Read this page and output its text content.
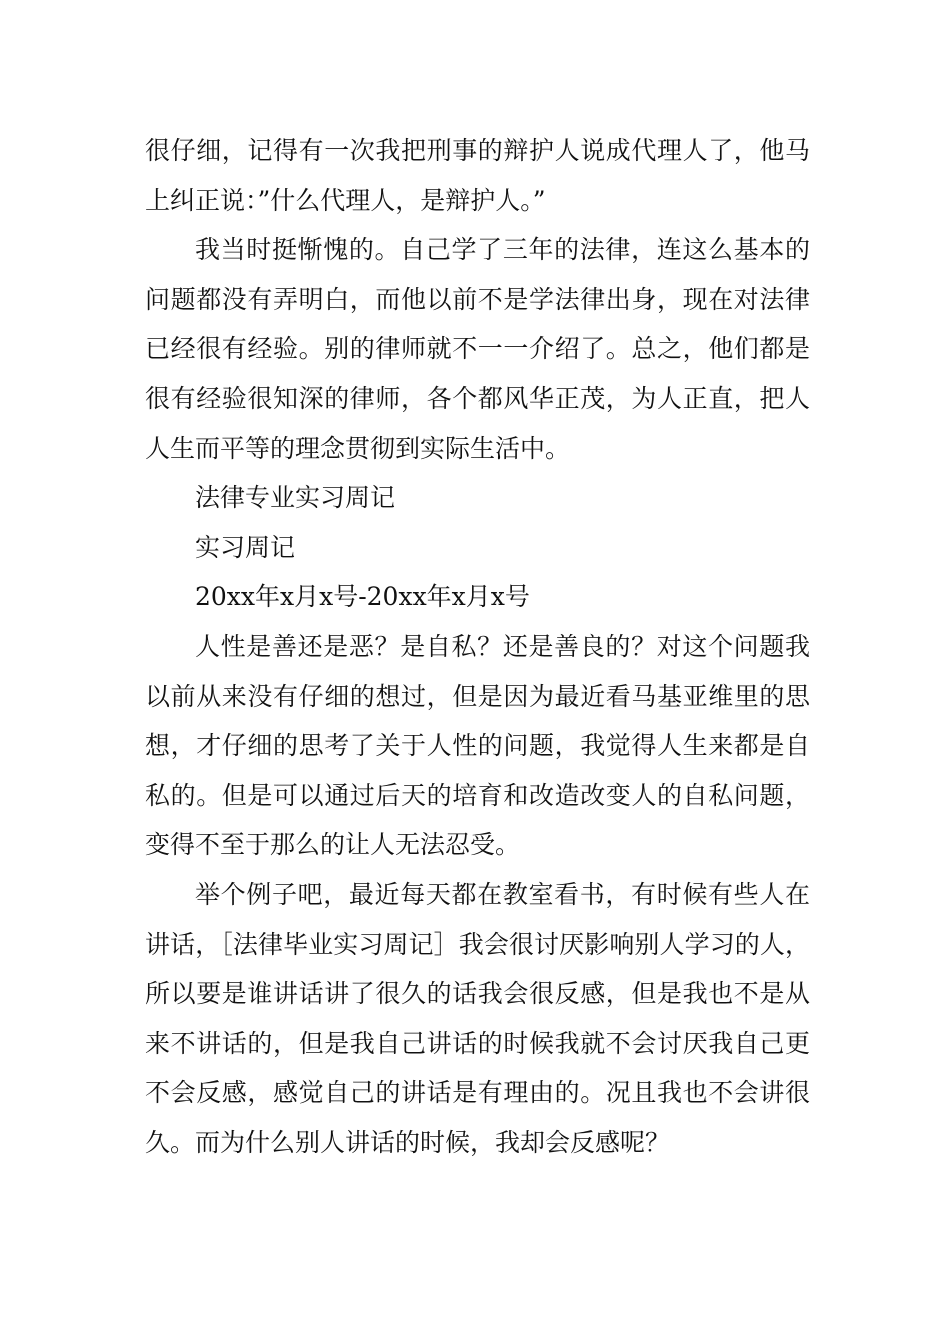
很仔细，记得有一次我把刑事的辩护人说成代理人了，他马上纠正说：”什么代理人，是辩护人。”

我当时挺惭愧的。自己学了三年的法律，连这么基本的问题都没有弄明白，而他以前不是学法律出身，现在对法律已经很有经验。别的律师就不一一介绍了。总之，他们都是很有经验很知深的律师，各个都风华正茂，为人正直，把人人生而平等的理念贯彻到实际生活中。

法律专业实习周记

实习周记

20xx年x月x号-20xx年x月x号

人性是善还是恶？是自私？还是善良的？对这个问题我以前从来没有仔细的想过，但是因为最近看马基亚维里的思想，才仔细的思考了关于人性的问题，我觉得人生来都是自私的。但是可以通过后天的培育和改造改变人的自私问题，变得不至于那么的让人无法忍受。

举个例子吧，最近每天都在教室看书，有时候有些人在讲话，［法律毕业实习周记］我会很讨厌影响别人学习的人，所以要是谁讲话讲了很久的话我会很反感，但是我也不是从来不讲话的，但是我自己讲话的时候我就不会讨厌我自己更不会反感，感觉自己的讲话是有理由的。况且我也不会讲很久。而为什么别人讲话的时候，我却会反感呢？
